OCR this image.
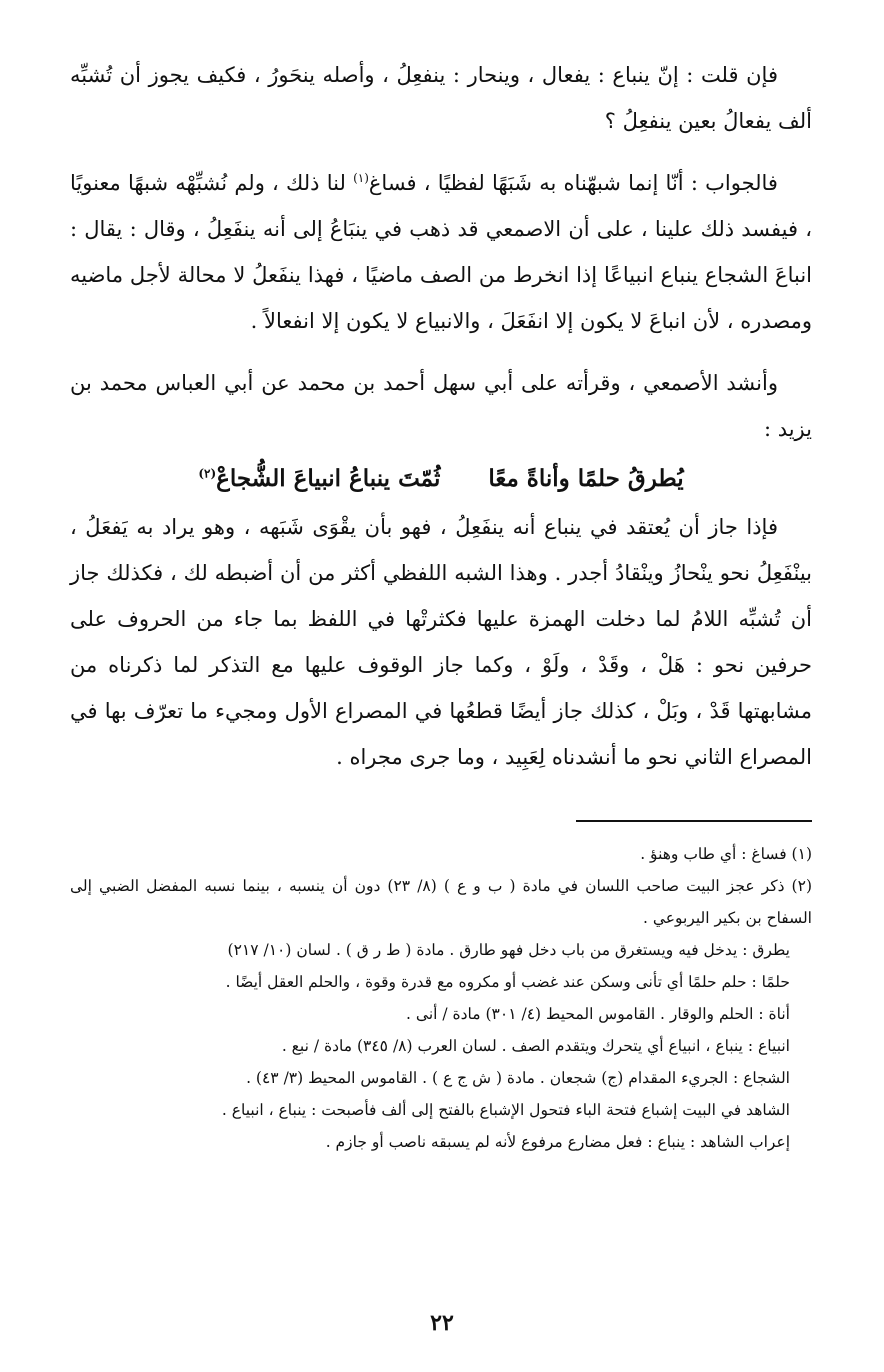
فإن قلت : إنّ ينباع : يفعال ، وينحار : ينفعِلُ ، وأصله ينحَورُ ، فكيف يجوز أن تُشبِّه ألف يفعالُ بعين ينفعِلُ ؟

فالجواب : أنّا إنما شبهّناه به شَبَهًا لفظيًا ، فساغ$^{(١)}$ لنا ذلك ، ولم نُشبِّهْه شبهًا معنويًا ، فيفسد ذلك علينا ، على أن الاصمعي قد ذهب في ينبَاعُ إلى أنه ينفَعِلُ ، وقال : يقال : انباعَ الشجاع ينباع انبياعًا إذا انخرط من الصف ماضيًا ، فهذا ينفَعلُ لا محالة لأجل ماضيه ومصدره ، لأن انباعَ لا يكون إلا انفَعَلَ ، والانبياع لا يكون إلا انفعالاً .

وأنشد الأصمعي ، وقرأته على أبي سهل أحمد بن محمد عن أبي العباس محمد بن يزيد :

يُطرقُ حلمًا وأناةً معًا
ثُمّتَ ينباعُ انبياعَ الشُّجاعْ$^{(٢)}$

فإذا جاز أن يُعتقد في ينباع أنه ينفَعِلُ ، فهو بأن يقْوَى شَبَهه ، وهو يراد به يَفعَلُ ، بينْفَعِلُ نحو ينْحازُ وينْقادُ أجدر . وهذا الشبه اللفظي أكثر من أن أضبطه لك ، فكذلك جاز أن تُشبِّه اللامُ لما دخلت الهمزة عليها فكثرتْها في اللفظ بما جاء من الحروف على حرفين نحو : هَلْ ، وقَدْ ، ولَوْ ، وكما جاز الوقوف عليها مع التذكر لما ذكرناه من مشابهتها قَدْ ، وبَلْ ، كذلك جاز أيضًا قطعُها في المصراع الأول ومجيء ما تعرّف بها في المصراع الثاني نحو ما أنشدناه لِعَبِيد ، وما جرى مجراه .

(١) فساغ : أي طاب وهنؤ .

(٢) ذكر عجز البيت صاحب اللسان في مادة ( ب و ع ) (٨/ ٢٣) دون أن ينسبه ، بينما نسبه المفضل الضبي إلى السفاح بن بكير اليربوعي .

يطرق : يدخل فيه ويستغرق من باب دخل فهو طارق . مادة ( ط ر ق ) . لسان (١٠/ ٢١٧)

حلمًا : حلم حلمًا أي تأنى وسكن عند غضب أو مكروه مع قدرة وقوة ، والحلم العقل أيضًا .

أناة : الحلم والوقار . القاموس المحيط (٤/ ٣٠١) مادة / أنى .

انبياع : ينباع ، انبياع أي يتحرك ويتقدم الصف . لسان العرب (٨/ ٣٤٥) مادة / نبع .

الشجاع : الجريء المقدام (ج) شجعان . مادة ( ش ج ع ) . القاموس المحيط (٣/ ٤٣) .

الشاهد في البيت إشباع فتحة الباء فتحول الإشباع بالفتح إلى ألف فأصبحت : ينباع ، انبياع .

إعراب الشاهد : ينباع : فعل مضارع مرفوع لأنه لم يسبقه ناصب أو جازم .

٢٢
